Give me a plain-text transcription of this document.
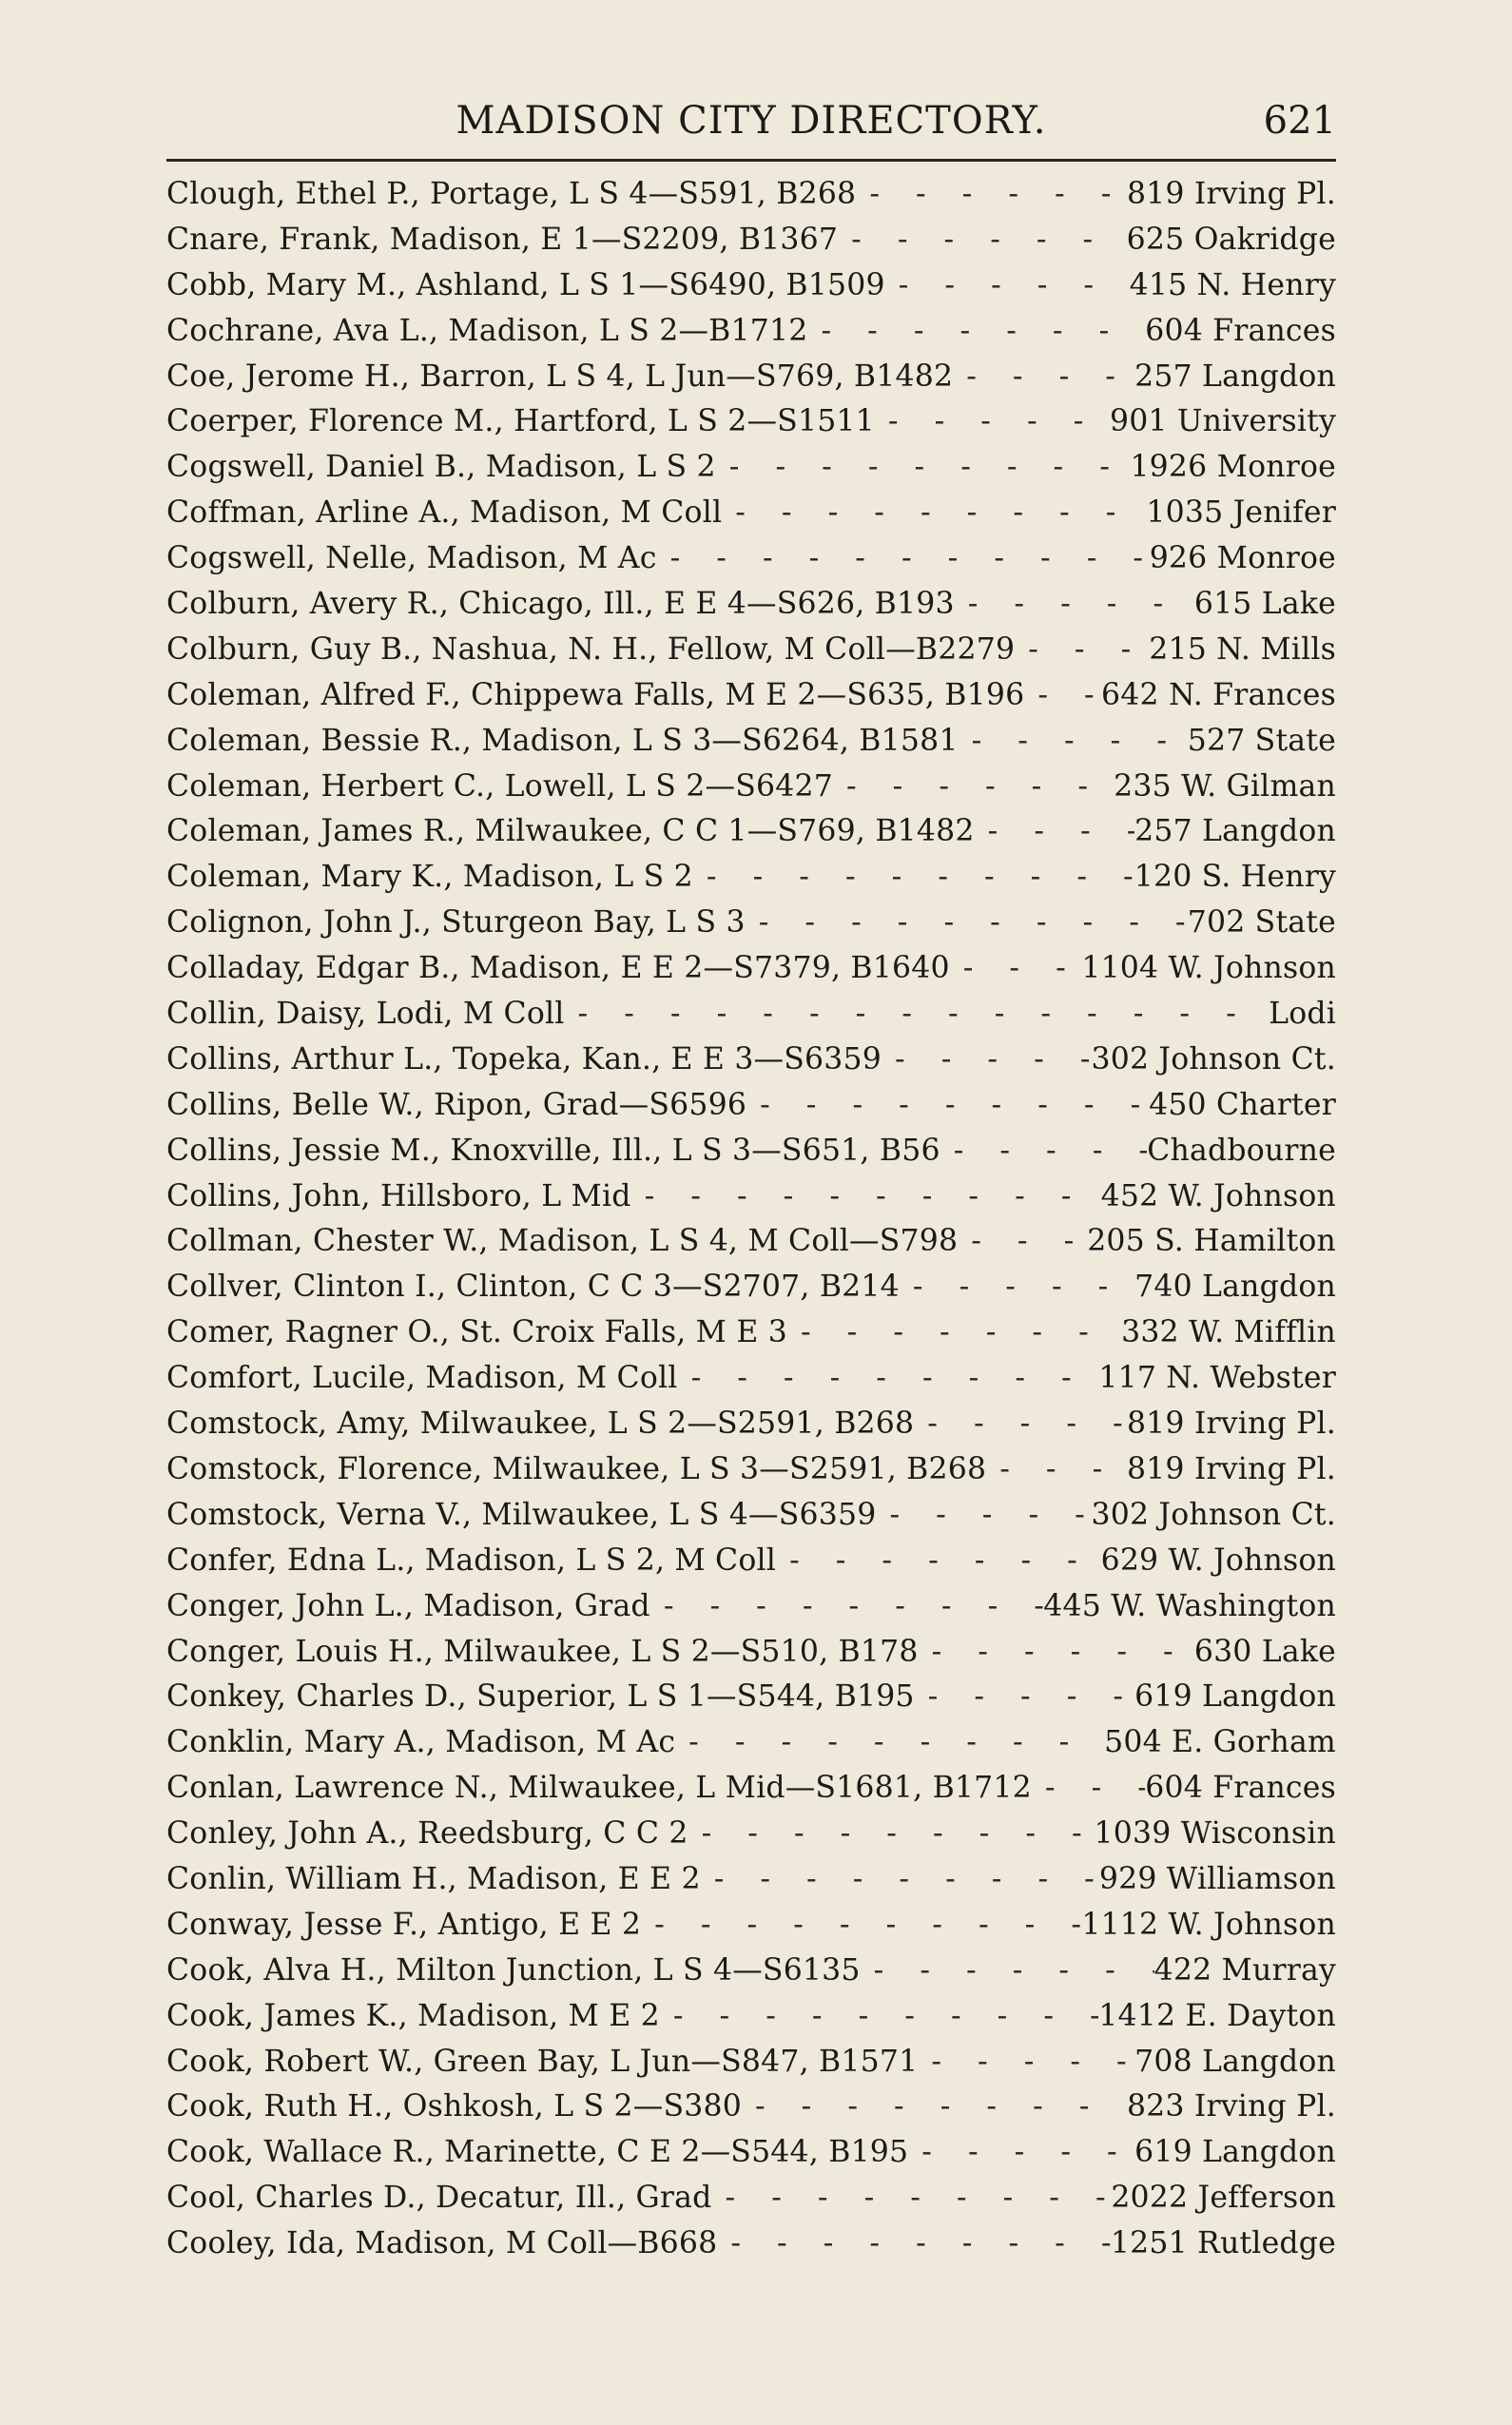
MADISON CITY DIRECTORY.	621
Clough, Ethel P., Portage, L S 4—S591, B268 - -	819 Irving Pl.
Cnare, Frank, Madison, E 1—S2209, B1367 - -	625 Oakridge
Cobb, Mary M., Ashland, L S 1—S6490, B1509 - -	415 N. Henry
Cochrane, Ava L., Madison, L S 2—B1712 - -	604 Frances
Coe, Jerome H., Barron, L S 4, L Jun—S769, B1482 - -	257 Langdon
Coerper, Florence M., Hartford, L S 2—S1511 - -	901 University
Cogswell, Daniel B., Madison, L S 2 - -	1926 Monroe
Coffman, Arline A., Madison, M Coll - -	1035 Jenifer
Cogswell, Nelle, Madison, M Ac - -	926 Monroe
Colburn, Avery R., Chicago, Ill., E E 4—S626, B193 - -	615 Lake
Colburn, Guy B., Nashua, N. H., Fellow, M Coll—B2279 - -	215 N. Mills
Coleman, Alfred F., Chippewa Falls, M E 2—S635, B196 - -	642 N. Frances
Coleman, Bessie R., Madison, L S 3—S6264, B1581 - -	527 State
Coleman, Herbert C., Lowell, L S 2—S6427 - -	235 W. Gilman
Coleman, James R., Milwaukee, C C 1—S769, B1482 - -	257 Langdon
Coleman, Mary K., Madison, L S 2 - -	120 S. Henry
Colignon, John J., Sturgeon Bay, L S 3 - -	702 State
Colladay, Edgar B., Madison, E E 2—S7379, B1640 - -	1104 W. Johnson
Collin, Daisy, Lodi, M Coll - -	Lodi
Collins, Arthur L., Topeka, Kan., E E 3—S6359 - -	302 Johnson Ct.
Collins, Belle W., Ripon, Grad—S6596 - -	450 Charter
Collins, Jessie M., Knoxville, Ill., L S 3—S651, B56 - -	Chadbourne
Collins, John, Hillsboro, L Mid - -	452 W. Johnson
Collman, Chester W., Madison, L S 4, M Coll—S798 - -	205 S. Hamilton
Collver, Clinton I., Clinton, C C 3—S2707, B214 - -	740 Langdon
Comer, Ragner O., St. Croix Falls, M E 3 - -	332 W. Mifflin
Comfort, Lucile, Madison, M Coll - -	117 N. Webster
Comstock, Amy, Milwaukee, L S 2—S2591, B268 - -	819 Irving Pl.
Comstock, Florence, Milwaukee, L S 3—S2591, B268 - -	819 Irving Pl.
Comstock, Verna V., Milwaukee, L S 4—S6359 - -	302 Johnson Ct.
Confer, Edna L., Madison, L S 2, M Coll - -	629 W. Johnson
Conger, John L., Madison, Grad - -	445 W. Washington
Conger, Louis H., Milwaukee, L S 2—S510, B178 - -	630 Lake
Conkey, Charles D., Superior, L S 1—S544, B195 - -	619 Langdon
Conklin, Mary A., Madison, M Ac - -	504 E. Gorham
Conlan, Lawrence N., Milwaukee, L Mid—S1681, B1712 - -	604 Frances
Conley, John A., Reedsburg, C C 2 - -	1039 Wisconsin
Conlin, William H., Madison, E E 2 - -	929 Williamson
Conway, Jesse F., Antigo, E E 2 - -	1112 W. Johnson
Cook, Alva H., Milton Junction, L S 4—S6135 - -	422 Murray
Cook, James K., Madison, M E 2 - -	1412 E. Dayton
Cook, Robert W., Green Bay, L Jun—S847, B1571 - -	708 Langdon
Cook, Ruth H., Oshkosh, L S 2—S380 - -	823 Irving Pl.
Cook, Wallace R., Marinette, C E 2—S544, B195 - -	619 Langdon
Cool, Charles D., Decatur, Ill., Grad - -	2022 Jefferson
Cooley, Ida, Madison, M Coll—B668 - -	1251 Rutledge
